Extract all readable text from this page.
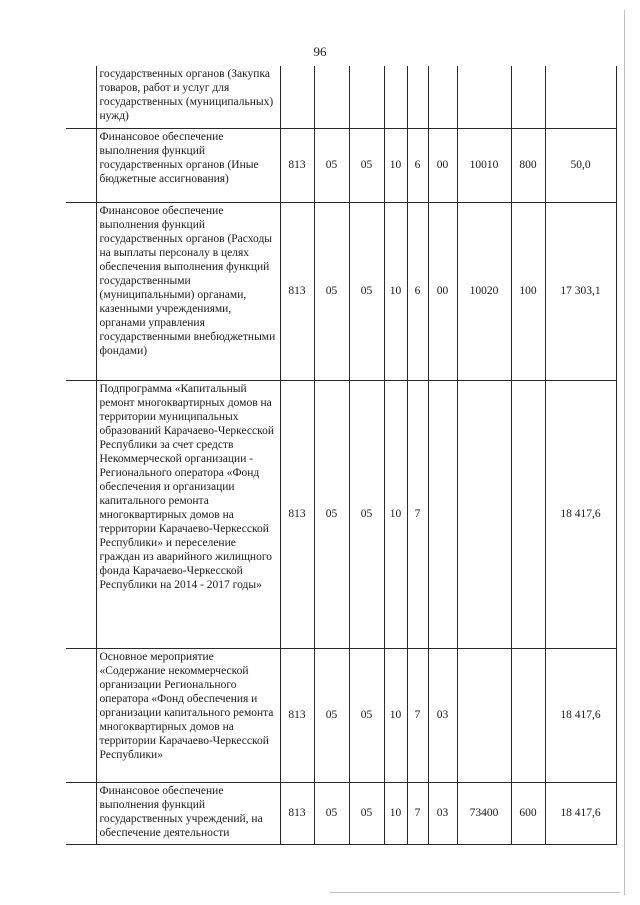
96
	государственных органов (Закупка товаров, работ и услуг для государственных (муниципальных) нужд)									
	Финансовое обеспечение выполнения функций государственных органов (Иные бюджетные ассигнования)	813	05	05	10	6	00	10010	800	50,0
	Финансовое обеспечение выполнения функций государственных органов (Расходы на выплаты персоналу в целях обеспечения выполнения функций государственными (муниципальными) органами, казенными учреждениями, органами управления государственными внебюджетными фондами)	813	05	05	10	6	00	10020	100	17 303,1
	Подпрограмма «Капитальный ремонт многоквартирных домов на территории муниципальных образований Карачаево-Черкесской Республики за счет средств Некоммерческой организации - Регионального оператора «Фонд обеспечения и организации капитального ремонта многоквартирных домов на территории Карачаево-Черкесской Республики» и переселение граждан из аварийного жилищного фонда Карачаево-Черкесской Республики на 2014 - 2017 годы»	813	05	05	10	7				18 417,6
	Основное мероприятие «Содержание некоммерческой организации Регионального оператора «Фонд обеспечения и организации капитального ремонта многоквартирных домов на территории Карачаево-Черкесской Республики»	813	05	05	10	7	03			18 417,6
	Финансовое обеспечение выполнения функций государственных учреждений, на обеспечение деятельности	813	05	05	10	7	03	73400	600	18 417,6
